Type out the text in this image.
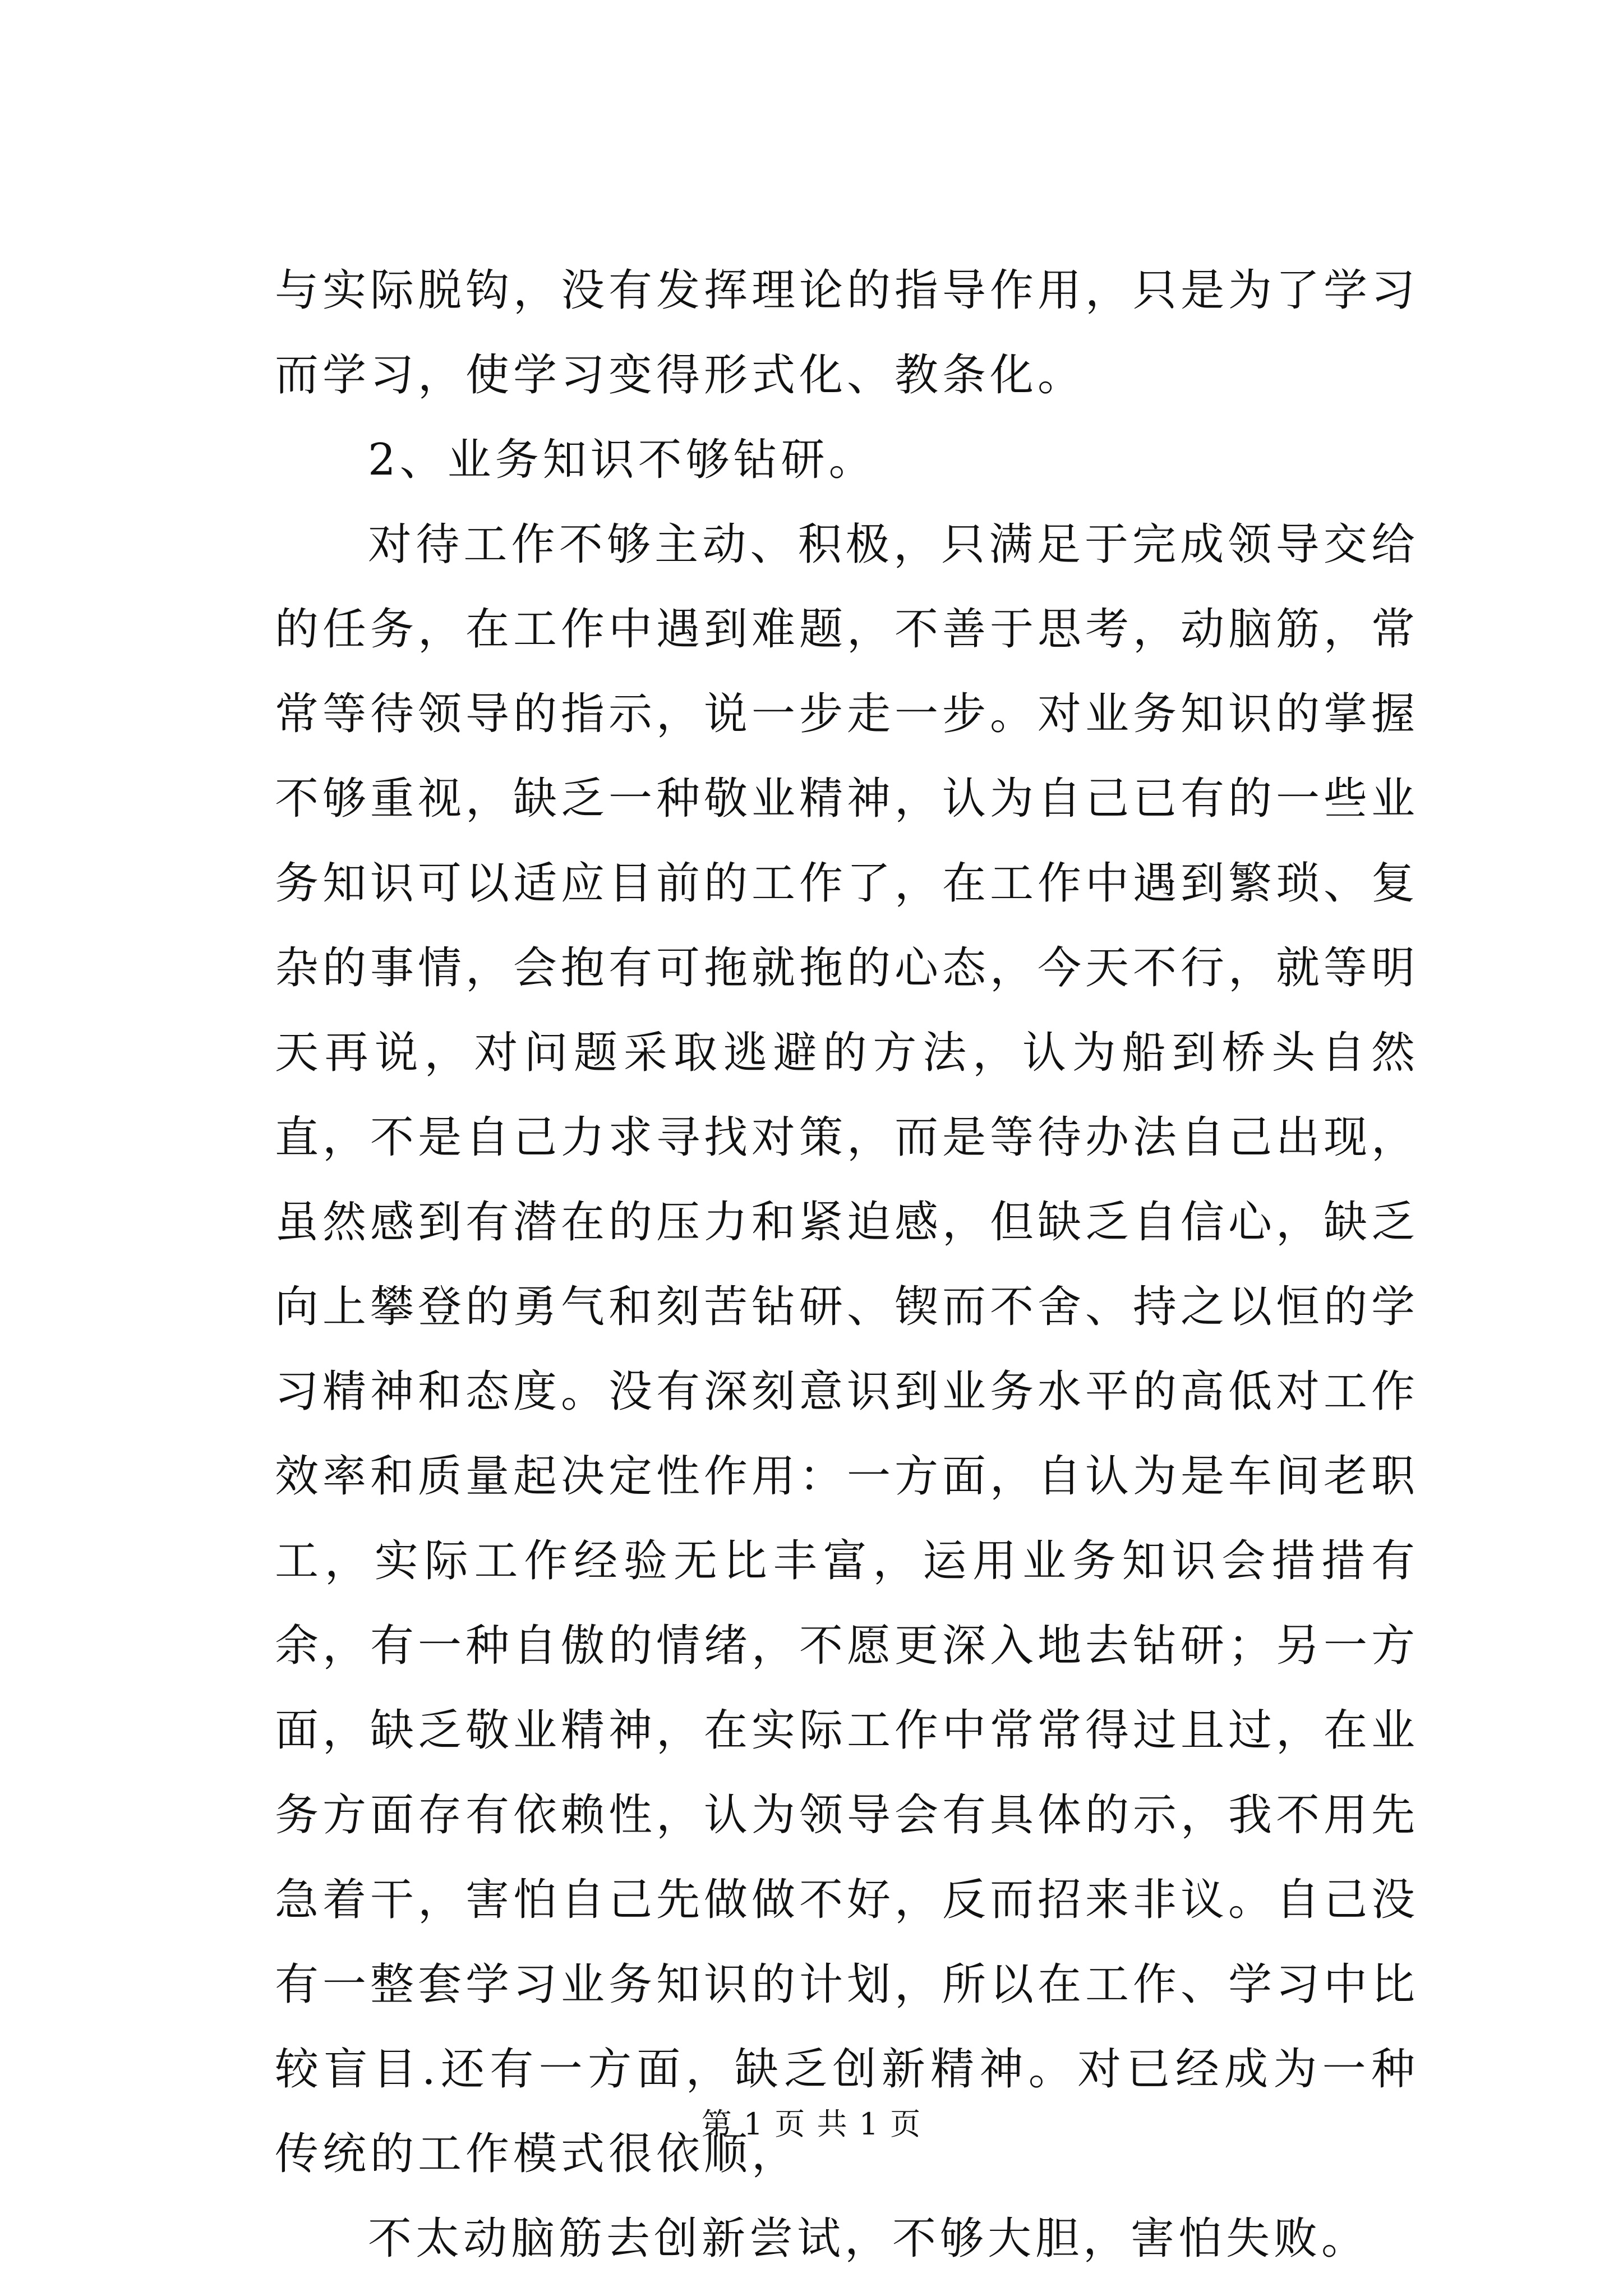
与实际脱钩，没有发挥理论的指导作用，只是为了学习而学习，使学习变得形式化、教条化。

2、业务知识不够钻研。

对待工作不够主动、积极，只满足于完成领导交给的任务，在工作中遇到难题，不善于思考，动脑筋，常常等待领导的指示，说一步走一步。对业务知识的掌握不够重视，缺乏一种敬业精神，认为自己已有的一些业务知识可以适应目前的工作了，在工作中遇到繁琐、复杂的事情，会抱有可拖就拖的心态，今天不行，就等明天再说，对问题采取逃避的方法，认为船到桥头自然直，不是自己力求寻找对策，而是等待办法自己出现，虽然感到有潜在的压力和紧迫感，但缺乏自信心，缺乏向上攀登的勇气和刻苦钻研、锲而不舍、持之以恒的学习精神和态度。没有深刻意识到业务水平的高低对工作效率和质量起决定性作用：一方面，自认为是车间老职工，实际工作经验无比丰富，运用业务知识会措措有余，有一种自傲的情绪，不愿更深入地去钻研；另一方面，缺乏敬业精神，在实际工作中常常得过且过，在业务方面存有依赖性，认为领导会有具体的示，我不用先急着干，害怕自己先做做不好，反而招来非议。自己没有一整套学习业务知识的计划，所以在工作、学习中比较盲目.还有一方面，缺乏创新精神。对已经成为一种传统的工作模式很依顺，

不太动脑筋去创新尝试，不够大胆，害怕失败。

第 1 页 共 1 页
